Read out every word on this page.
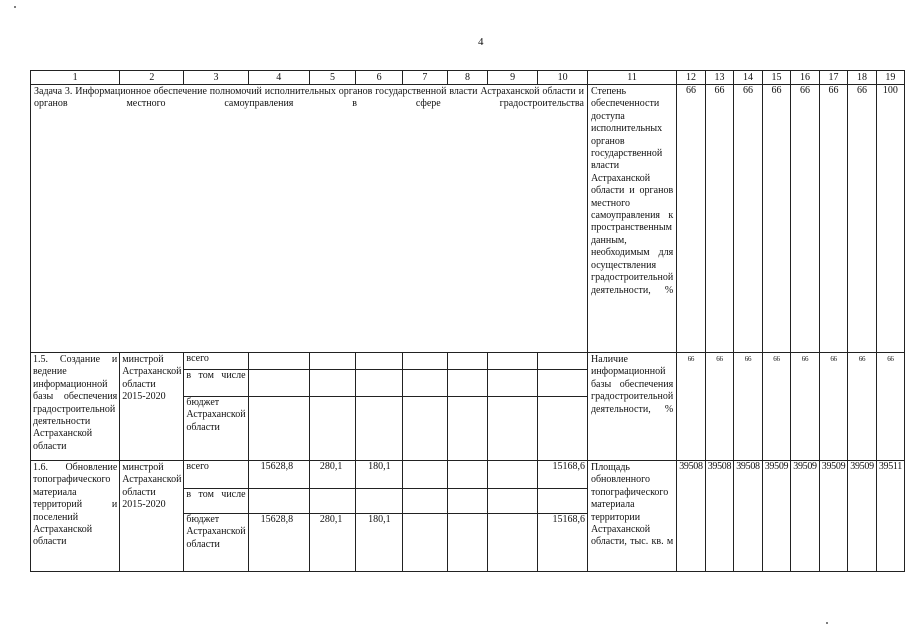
4
1	2	3	4	5	6	7	8	9	10	11	12	13	14	15	16	17	18	19
Задача 3. Информационное обеспечение полномочий исполнительных органов государственной власти Астраханской области и органов местного самоуправления в сфере градостроительства										Степень обеспеченности доступа исполнительных органов государственной власти Астраханской области и органов местного самоуправления к пространственным данным, необходимым для осуществления градостроительной деятельности, %	66	66	66	66	66	66	66	100
1.5. Создание и ведение информационной базы обеспечения градостроительной деятельности Астраханской области	минстрой Астраханской области 2015-2020	всего								Наличие информационной базы обеспечения градостроительной деятельности, %	66	66	66	66	66	66	66	66
		в том числе																
		бюджет Астраханской области																
1.6. Обновление топографического материала территорий и поселений Астраханской области	минстрой Астраханской области 2015-2020	всего	15628,8	280,1	180,1				15168,6	Площадь обновленного топографического материала территории Астраханской области, тыс. кв. м	39508	39508	39508	39509	39509	39509	39509	39511
		в том числе																
		бюджет Астраханской области	15628,8	280,1	180,1				15168,6									
